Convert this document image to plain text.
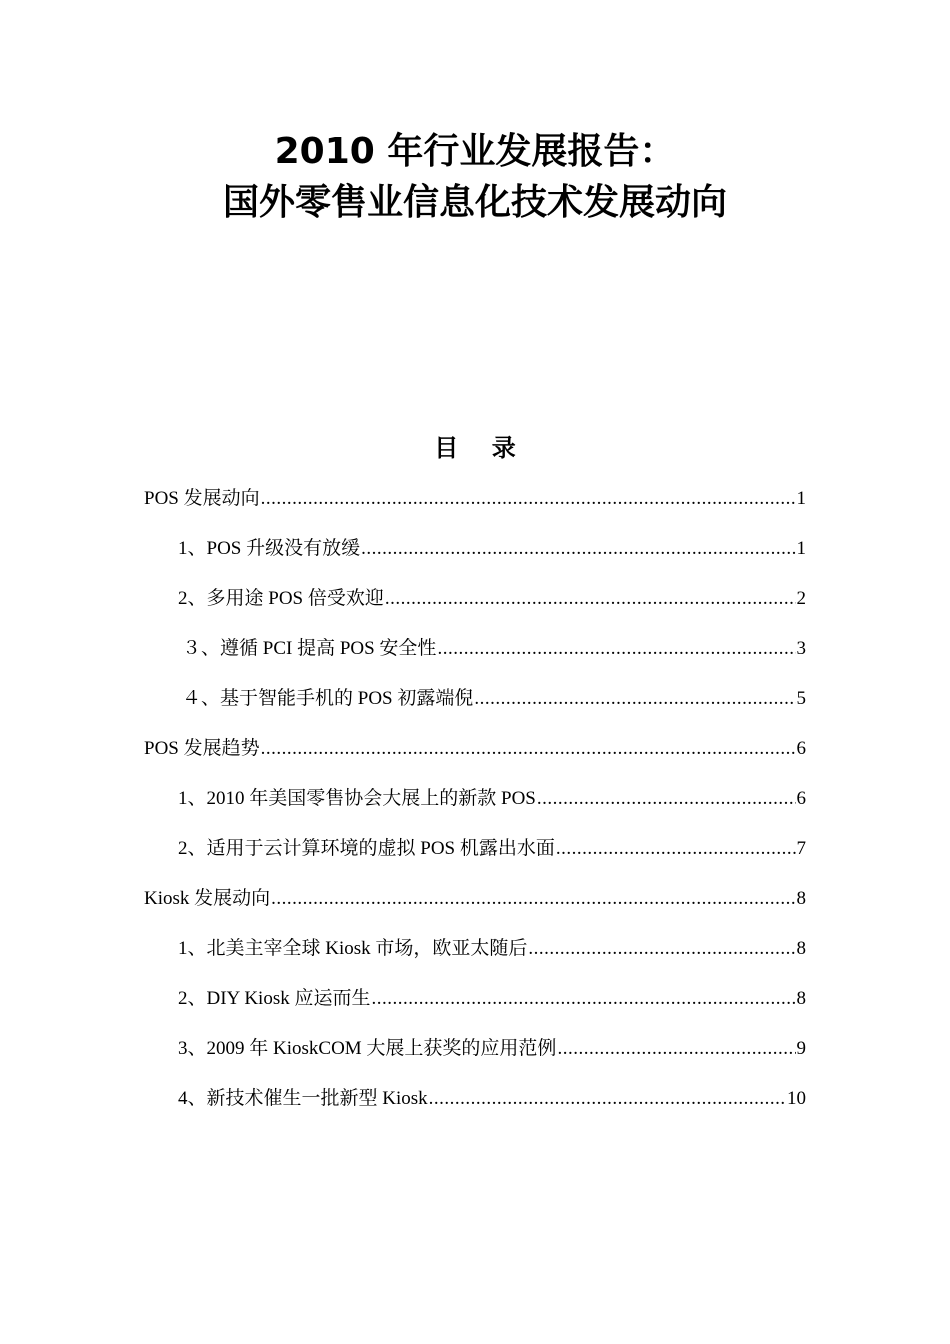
2010 年行业发展报告：
国外零售业信息化技术发展动向
目    录
POS 发展动向 .....	1
1、POS 升级没有放缓 .....	1
2、多用途 POS 倍受欢迎 .....	2
３、遵循 PCI 提高 POS 安全性 .....	3
４、基于智能手机的 POS 初露端倪 .....	5
POS 发展趋势 .....	6
1、2010 年美国零售协会大展上的新款 POS .....	6
2、适用于云计算环境的虚拟 POS 机露出水面 .....	7
Kiosk 发展动向 .....	8
1、北美主宰全球 Kiosk 市场，欧亚太随后 .....	8
2、DIY Kiosk 应运而生 .....	8
3、2009 年 KioskCOM 大展上获奖的应用范例 .....	9
4、新技术催生一批新型 Kiosk .....	10
